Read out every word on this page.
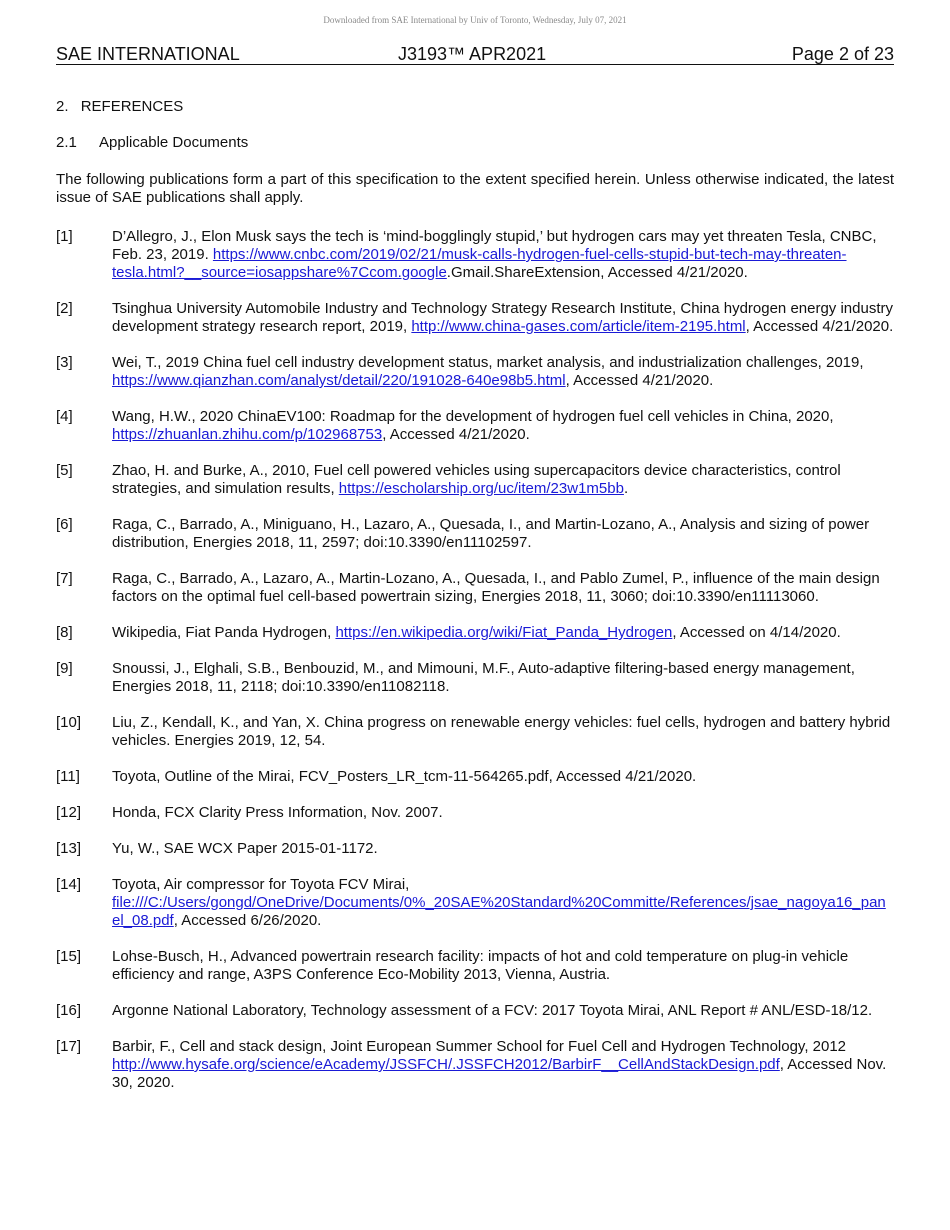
Downloaded from SAE International by Univ of Toronto, Wednesday, July 07, 2021
SAE INTERNATIONAL	J3193™ APR2021	Page 2 of 23
2. REFERENCES
2.1 Applicable Documents
The following publications form a part of this specification to the extent specified herein. Unless otherwise indicated, the latest issue of SAE publications shall apply.
[1]	D’Allegro, J., Elon Musk says the tech is ‘mind-bogglingly stupid,’ but hydrogen cars may yet threaten Tesla, CNBC, Feb. 23, 2019. https://www.cnbc.com/2019/02/21/musk-calls-hydrogen-fuel-cells-stupid-but-tech-may-threaten-tesla.html?__source=iosappshare%7Ccom.google.Gmail.ShareExtension, Accessed 4/21/2020.
[2]	Tsinghua University Automobile Industry and Technology Strategy Research Institute, China hydrogen energy industry development strategy research report, 2019, http://www.china-gases.com/article/item-2195.html, Accessed 4/21/2020.
[3]	Wei, T., 2019 China fuel cell industry development status, market analysis, and industrialization challenges, 2019, https://www.qianzhan.com/analyst/detail/220/191028-640e98b5.html, Accessed 4/21/2020.
[4]	Wang, H.W., 2020 ChinaEV100: Roadmap for the development of hydrogen fuel cell vehicles in China, 2020, https://zhuanlan.zhihu.com/p/102968753, Accessed 4/21/2020.
[5]	Zhao, H. and Burke, A., 2010, Fuel cell powered vehicles using supercapacitors device characteristics, control strategies, and simulation results, https://escholarship.org/uc/item/23w1m5bb.
[6]	Raga, C., Barrado, A., Miniguano, H., Lazaro, A., Quesada, I., and Martin-Lozano, A., Analysis and sizing of power distribution, Energies 2018, 11, 2597; doi:10.3390/en11102597.
[7]	Raga, C., Barrado, A., Lazaro, A., Martin-Lozano, A., Quesada, I., and Pablo Zumel, P., influence of the main design factors on the optimal fuel cell-based powertrain sizing, Energies 2018, 11, 3060; doi:10.3390/en11113060.
[8]	Wikipedia, Fiat Panda Hydrogen, https://en.wikipedia.org/wiki/Fiat_Panda_Hydrogen, Accessed on 4/14/2020.
[9]	Snoussi, J., Elghali, S.B., Benbouzid, M., and Mimouni, M.F., Auto-adaptive filtering-based energy management, Energies 2018, 11, 2118; doi:10.3390/en11082118.
[10]	Liu, Z., Kendall, K., and Yan, X. China progress on renewable energy vehicles: fuel cells, hydrogen and battery hybrid vehicles. Energies 2019, 12, 54.
[11]	Toyota, Outline of the Mirai, FCV_Posters_LR_tcm-11-564265.pdf, Accessed 4/21/2020.
[12]	Honda, FCX Clarity Press Information, Nov. 2007.
[13]	Yu, W., SAE WCX Paper 2015-01-1172.
[14]	Toyota, Air compressor for Toyota FCV Mirai, file:///C:/Users/gongd/OneDrive/Documents/0%_20SAE%20Standard%20Committe/References/jsae_nagoya16_panel_08.pdf, Accessed 6/26/2020.
[15]	Lohse-Busch, H., Advanced powertrain research facility: impacts of hot and cold temperature on plug-in vehicle efficiency and range, A3PS Conference Eco-Mobility 2013, Vienna, Austria.
[16]	Argonne National Laboratory, Technology assessment of a FCV: 2017 Toyota Mirai, ANL Report # ANL/ESD-18/12.
[17]	Barbir, F., Cell and stack design, Joint European Summer School for Fuel Cell and Hydrogen Technology, 2012 http://www.hysafe.org/science/eAcademy/JSSFCH/.JSSFCH2012/BarbirF__CellAndStackDesign.pdf, Accessed Nov. 30, 2020.
